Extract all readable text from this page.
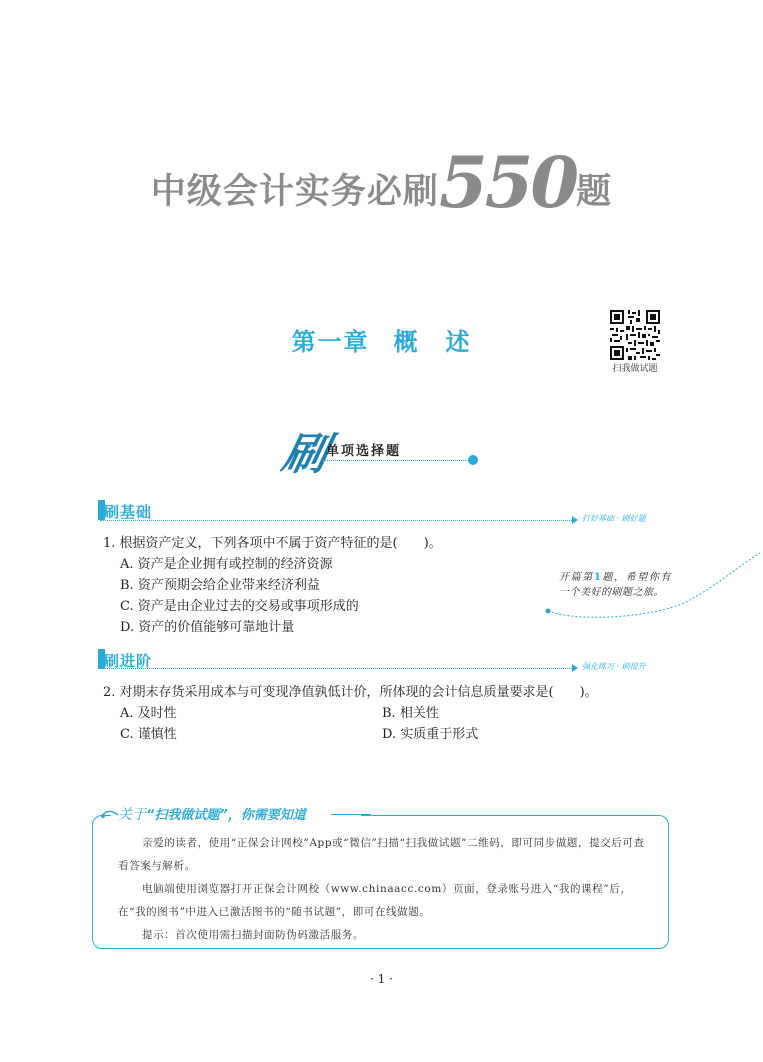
中级会计实务必刷550题
第一章 概　述
扫我做试题
刷
单项选择题
刷基础	打好基础 · 刷好题
1. 根据资产定义，下列各项中不属于资产特征的是(　　)。
A. 资产是企业拥有或控制的经济资源
B. 资产预期会给企业带来经济利益
C. 资产是由企业过去的交易或事项形成的
D. 资产的价值能够可靠地计量
开篇第1题，希望你有一个美好的刷题之旅。
刷进阶	强化练习 · 刷提升
2. 对期末存货采用成本与可变现净值孰低计价，所体现的会计信息质量要求是(　　)。
A. 及时性	B. 相关性
C. 谨慎性	D. 实质重于形式
关于“扫我做试题”，你需要知道
亲爱的读者，使用“正保会计网校”App或“微信”扫描“扫我做试题”二维码，即可同步做题，提交后可查看答案与解析。
电脑端使用浏览器打开正保会计网校（www.chinaacc.com）页面，登录账号进入“我的课程”后，在“我的图书”中进入已激活图书的“随书试题”，即可在线做题。
提示：首次使用需扫描封面防伪码激活服务。
· 1 ·
